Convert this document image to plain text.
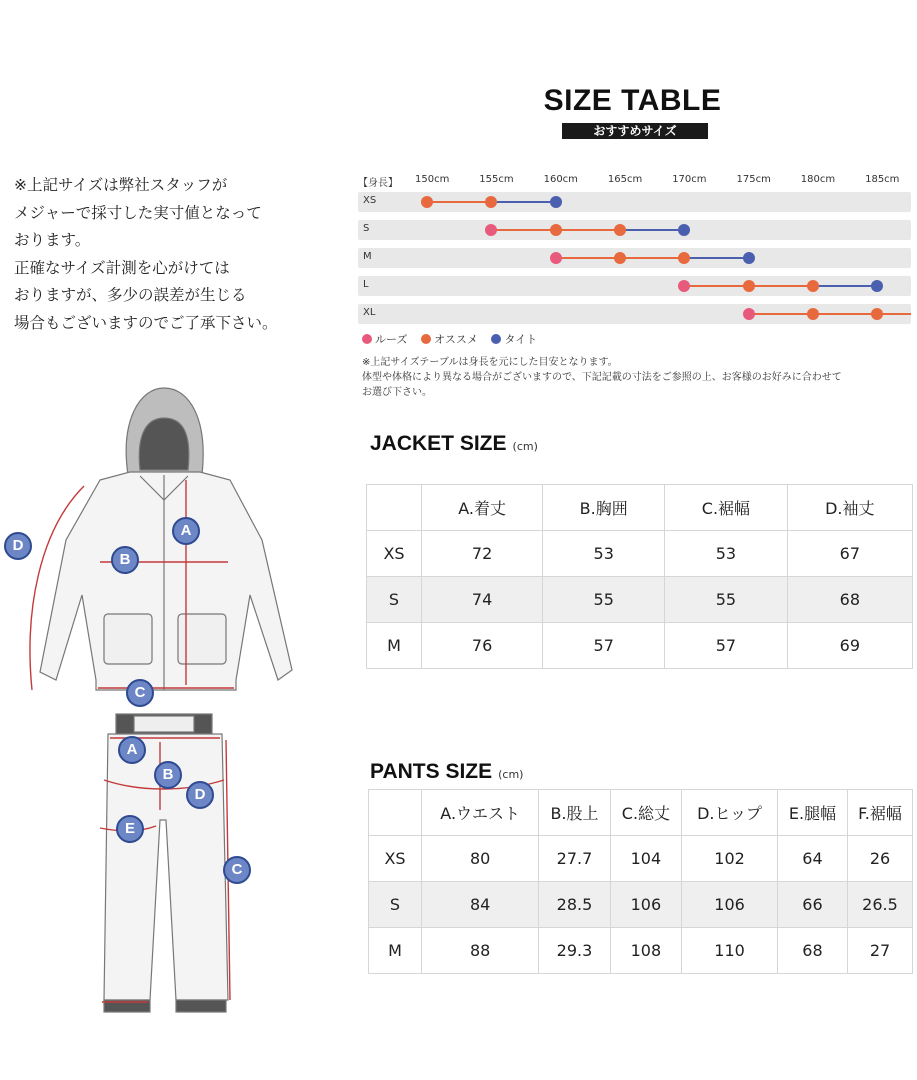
SIZE TABLE
おすすめサイズ
※上記サイズは弊社スタッフが
メジャーで採寸した実寸値となって
おります。
正確なサイズ計測を心がけては
おりますが、多少の誤差が生じる
場合もございますのでご了承下さい。
【身長】 150cm	155cm	160cm	165cm	170cm	175cm	180cm	185cm
XS
S
M
L
XL
ルーズ
オススメ
タイト
※上記サイズテーブルは身長を元にした目安となります。
体型や体格により異なる場合がございますので、下記記載の寸法をご参照の上、お客様のお好みに合わせて
お選び下さい。
JACKET SIZE (cm)
	A.着丈	B.胸囲	C.裾幅	D.袖丈
XS	72	53	53	67
S	74	55	55	68
M	76	57	57	69
PANTS SIZE (cm)
	A.ウエスト	B.股上	C.総丈	D.ヒップ	E.腿幅	F.裾幅
XS	80	27.7	104	102	64	26
S	84	28.5	106	106	66	26.5
M	88	29.3	108	110	68	27
A
B
C
D
A
B
C
D
E
